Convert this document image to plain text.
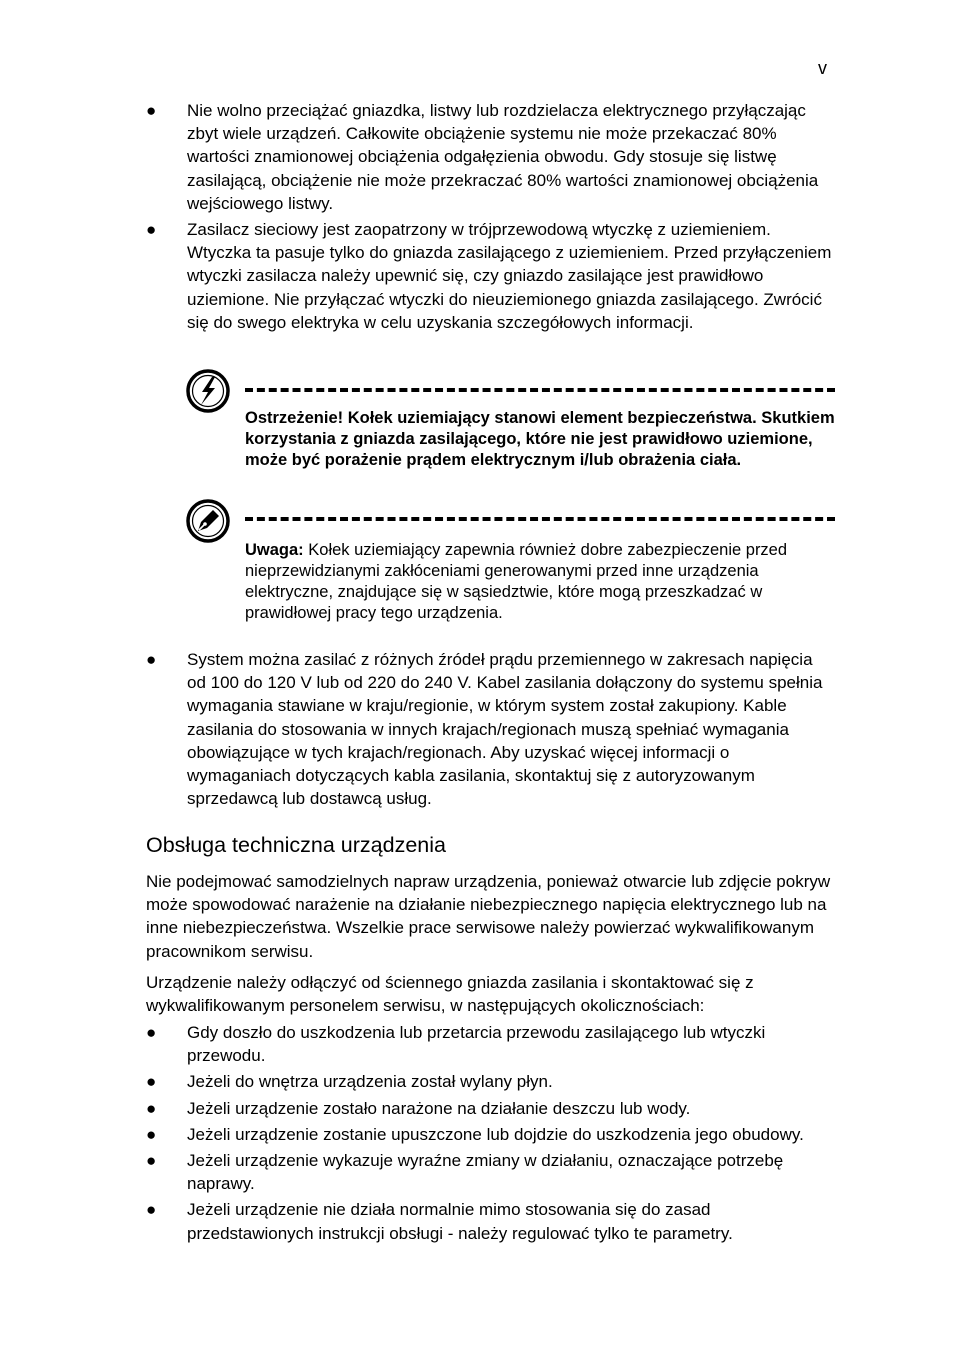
v
● Nie wolno przeciążać gniazdka, listwy lub rozdzielacza elektrycznego przyłączając zbyt wiele urządzeń. Całkowite obciążenie systemu nie może przekaczać 80% wartości znamionowej obciążenia odgałęzienia obwodu. Gdy stosuje się listwę zasilającą, obciążenie nie może przekraczać 80% wartości znamionowej obciążenia wejściowego listwy.
● Zasilacz sieciowy jest zaopatrzony w trójprzewodową wtyczkę z uziemieniem. Wtyczka ta pasuje tylko do gniazda zasilającego z uziemieniem. Przed przyłączeniem wtyczki zasilacza należy upewnić się, czy gniazdo zasilające jest prawidłowo uziemione. Nie przyłączać wtyczki do nieuziemionego gniazda zasilającego. Zwrócić się do swego elektryka w celu uzyskania szczegółowych informacji.
Ostrzeżenie! Kołek uziemiający stanowi element bezpieczeństwa. Skutkiem korzystania z gniazda zasilającego, które nie jest prawidłowo uziemione, może być porażenie prądem elektrycznym i/lub obrażenia ciała.
Uwaga: Kołek uziemiający zapewnia również dobre zabezpieczenie przed nieprzewidzianymi zakłóceniami generowanymi przed inne urządzenia elektryczne, znajdujące się w sąsiedztwie, które mogą przeszkadzać w prawidłowej pracy tego urządzenia.
● System można zasilać z różnych źródeł prądu przemiennego w zakresach napięcia od 100 do 120 V lub od 220 do 240 V. Kabel zasilania dołączony do systemu spełnia wymagania stawiane w kraju/regionie, w którym system został zakupiony. Kable zasilania do stosowania w innych krajach/regionach muszą spełniać wymagania obowiązujące w tych krajach/regionach. Aby uzyskać więcej informacji o wymaganiach dotyczących kabla zasilania, skontaktuj się z autoryzowanym sprzedawcą lub dostawcą usług.
Obsługa techniczna urządzenia
Nie podejmować samodzielnych napraw urządzenia, ponieważ otwarcie lub zdjęcie pokryw może spowodować narażenie na działanie niebezpiecznego napięcia elektrycznego lub na inne niebezpieczeństwa. Wszelkie prace serwisowe należy powierzać wykwalifikowanym pracownikom serwisu.
Urządzenie należy odłączyć od ściennego gniazda zasilania i skontaktować się z wykwalifikowanym personelem serwisu, w następujących okolicznościach:
● Gdy doszło do uszkodzenia lub przetarcia przewodu zasilającego lub wtyczki przewodu.
● Jeżeli do wnętrza urządzenia został wylany płyn.
● Jeżeli urządzenie zostało narażone na działanie deszczu lub wody.
● Jeżeli urządzenie zostanie upuszczone lub dojdzie do uszkodzenia jego obudowy.
● Jeżeli urządzenie wykazuje wyraźne zmiany w działaniu, oznaczające potrzebę naprawy.
● Jeżeli urządzenie nie działa normalnie mimo stosowania się do zasad przedstawionych instrukcji obsługi - należy regulować tylko te parametry.
